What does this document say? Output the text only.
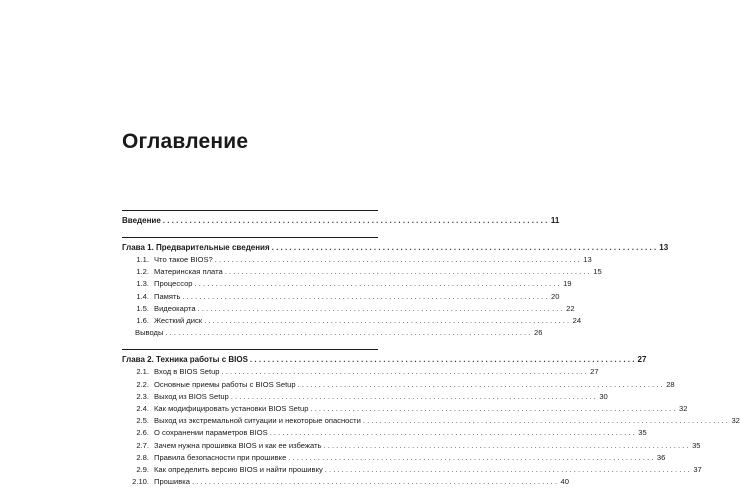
Оглавление
Введение . . .	11
Глава 1. Предварительные сведения . . .	13
1.1. Что такое BIOS? . . .	13
1.2. Материнская плата . . .	15
1.3. Процессор . . .	19
1.4. Память . . .	20
1.5. Видеокарта . . .	22
1.6. Жесткий диск . . .	24
Выводы . . .	26
Глава 2. Техника работы с BIOS . . .	27
2.1. Вход в BIOS Setup . . .	27
2.2. Основные приемы работы с BIOS Setup . . .	28
2.3. Выход из BIOS Setup . . .	30
2.4. Как модифицировать установки BIOS Setup . . .	32
2.5. Выход из экстремальной ситуации и некоторые опасности . . .	32
2.6. О сохранении параметров BIOS . . .	35
2.7. Зачем нужна прошивка BIOS и как ее избежать . . .	35
2.8. Правила безопасности при прошивке . . .	36
2.9. Как определить версию BIOS и найти прошивку . . .	37
2.10. Прошивка . . .	40
